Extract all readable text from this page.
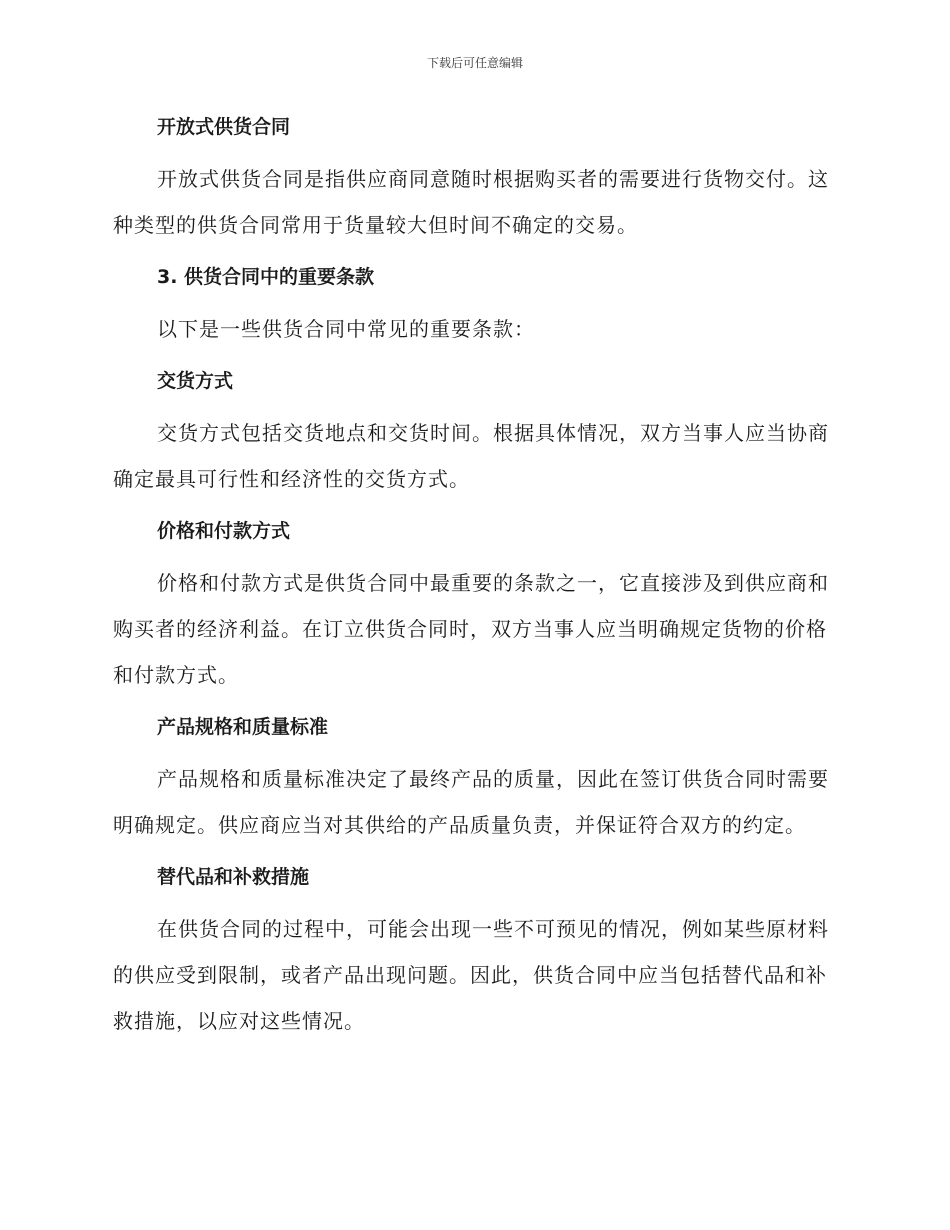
下载后可任意编辑
开放式供货合同

开放式供货合同是指供应商同意随时根据购买者的需要进行货物交付。这种类型的供货合同常用于货量较大但时间不确定的交易。

3. 供货合同中的重要条款

以下是一些供货合同中常见的重要条款：

交货方式

交货方式包括交货地点和交货时间。根据具体情况，双方当事人应当协商确定最具可行性和经济性的交货方式。

价格和付款方式

价格和付款方式是供货合同中最重要的条款之一，它直接涉及到供应商和购买者的经济利益。在订立供货合同时，双方当事人应当明确规定货物的价格和付款方式。

产品规格和质量标准

产品规格和质量标准决定了最终产品的质量，因此在签订供货合同时需要明确规定。供应商应当对其供给的产品质量负责，并保证符合双方的约定。

替代品和补救措施

在供货合同的过程中，可能会出现一些不可预见的情况，例如某些原材料的供应受到限制，或者产品出现问题。因此，供货合同中应当包括替代品和补救措施，以应对这些情况。
